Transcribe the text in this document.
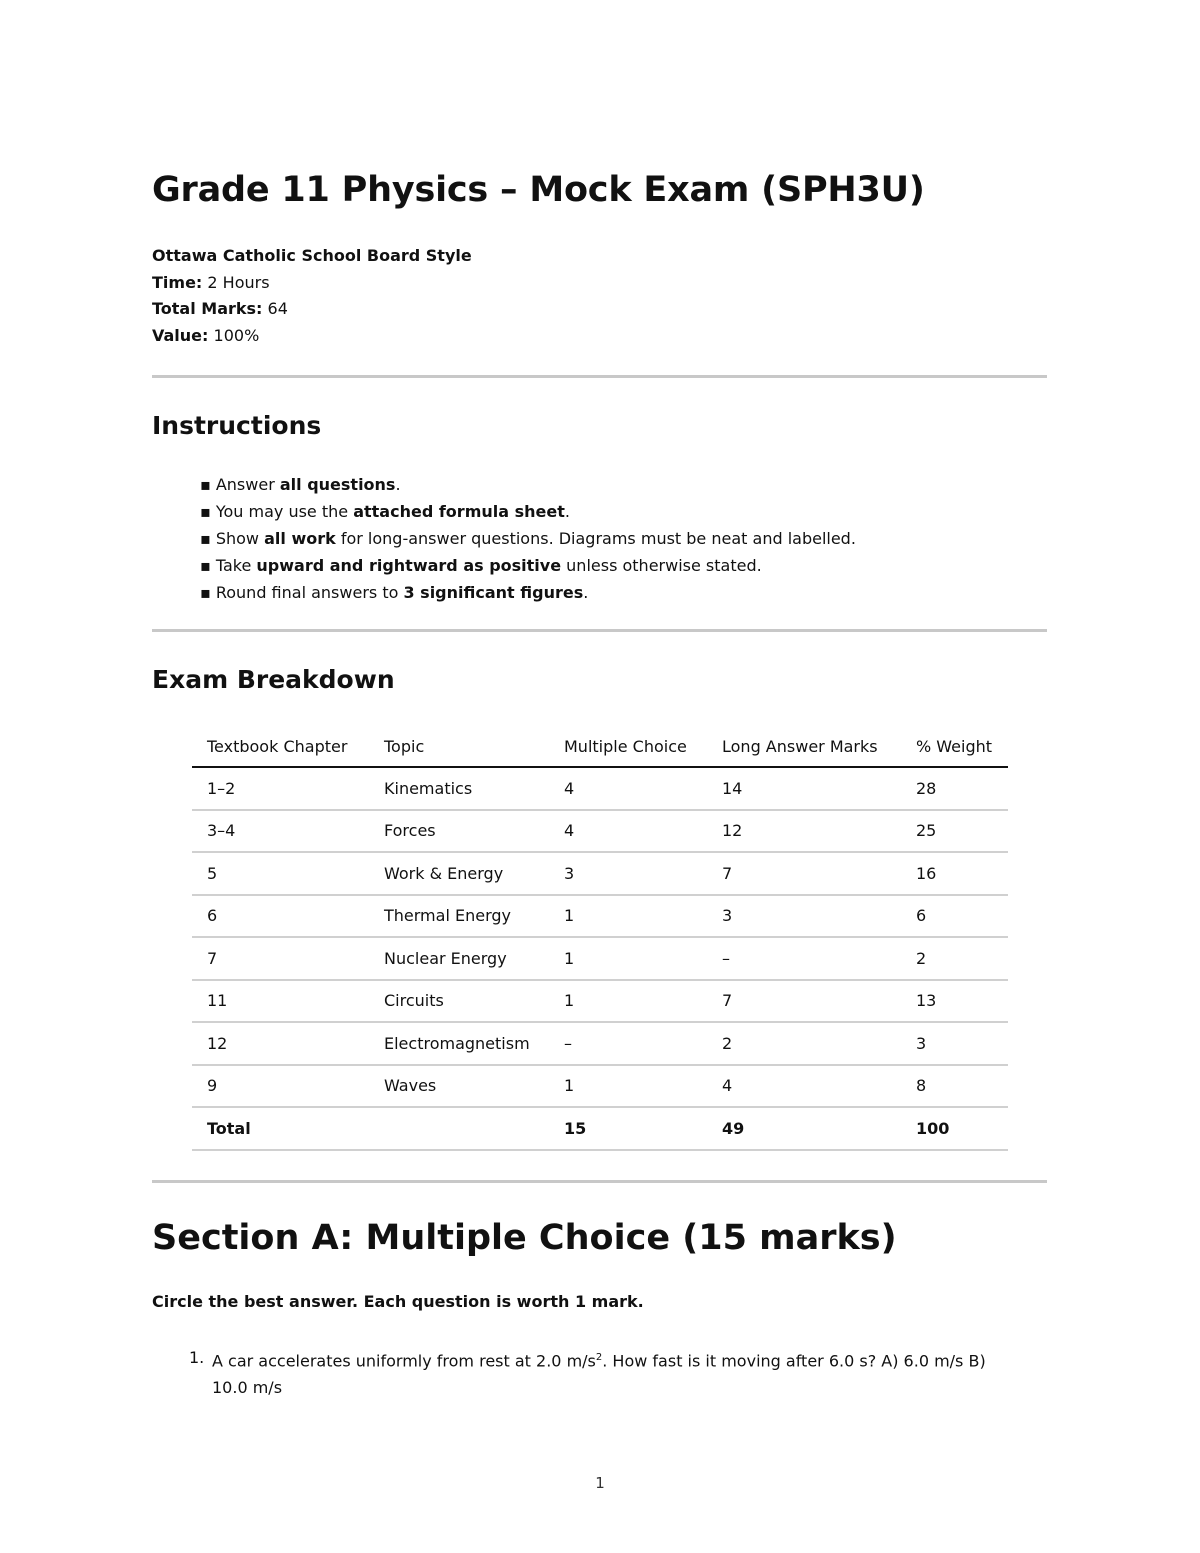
Grade 11 Physics – Mock Exam (SPH3U)
Ottawa Catholic School Board Style
Time: 2 Hours
Total Marks: 64
Value: 100%
Instructions
▪ Answer all questions.
▪ You may use the attached formula sheet.
▪ Show all work for long-answer questions. Diagrams must be neat and labelled.
▪ Take upward and rightward as positive unless otherwise stated.
▪ Round final answers to 3 significant figures.
Exam Breakdown
Textbook Chapter	Topic	Multiple Choice	Long Answer Marks	% Weight
1–2	Kinematics	4	14	28
3–4	Forces	4	12	25
5	Work & Energy	3	7	16
6	Thermal Energy	1	3	6
7	Nuclear Energy	1	–	2
11	Circuits	1	7	13
12	Electromagnetism	–	2	3
9	Waves	1	4	8
Total		15	49	100
Section A: Multiple Choice (15 marks)
Circle the best answer. Each question is worth 1 mark.
1. A car accelerates uniformly from rest at 2.0 $m/s^2$. How fast is it moving after 6.0 s? A) 6.0 m/s B) 10.0 m/s
1
